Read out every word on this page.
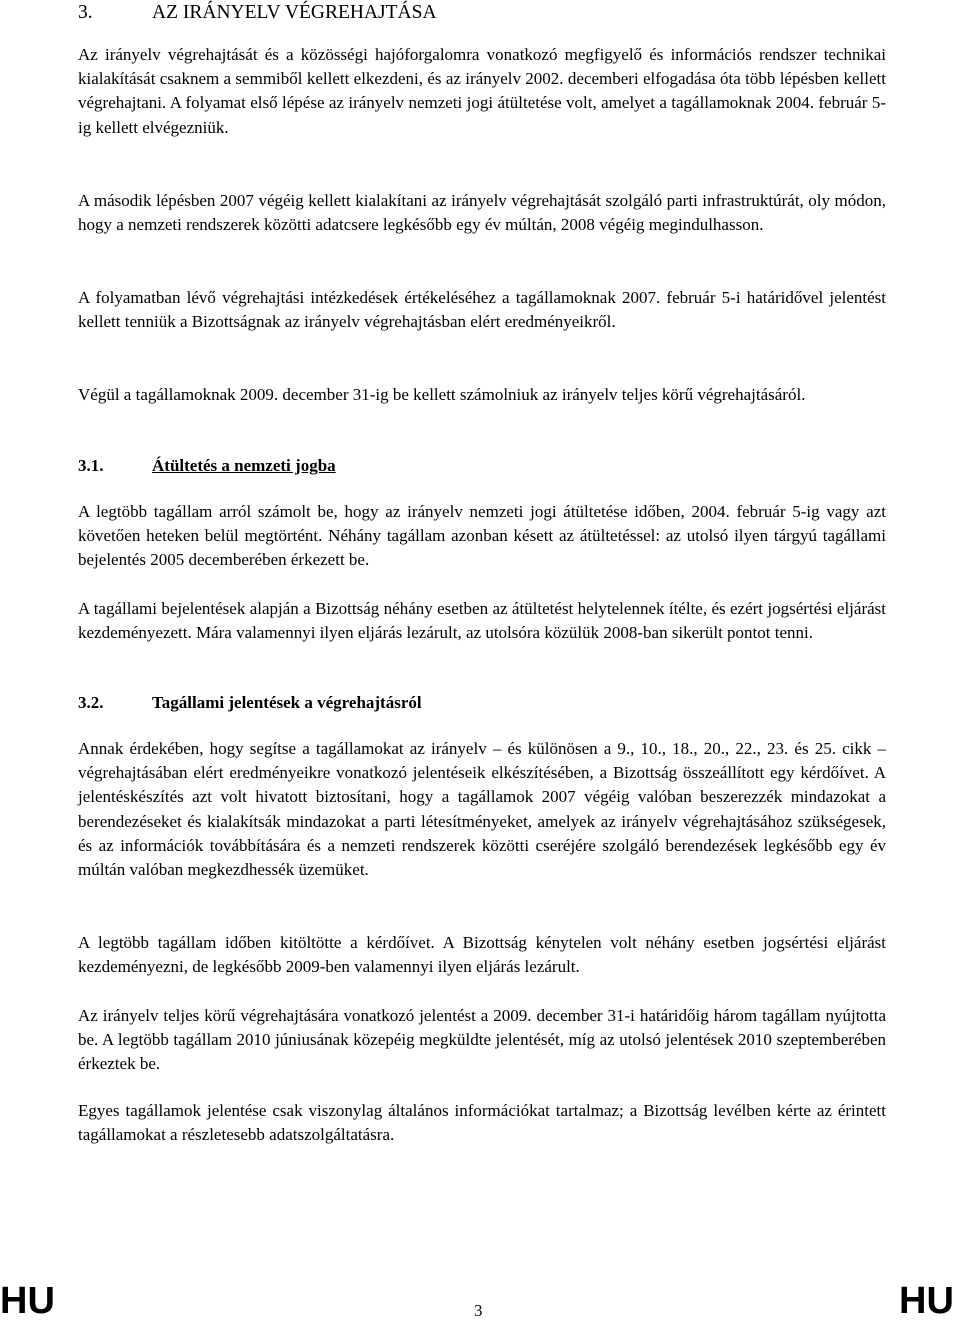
3.	AZ IRÁNYELV VÉGREHAJTÁSA

Az irányelv végrehajtását és a közösségi hajóforgalomra vonatkozó megfigyelő és információs rendszer technikai kialakítását csaknem a semmiből kellett elkezdeni, és az irányelv 2002. decemberi elfogadása óta több lépésben kellett végrehajtani. A folyamat első lépése az irányelv nemzeti jogi átültetése volt, amelyet a tagállamoknak 2004. február 5-ig kellett elvégezniük.

A második lépésben 2007 végéig kellett kialakítani az irányelv végrehajtását szolgáló parti infrastruktúrát, oly módon, hogy a nemzeti rendszerek közötti adatcsere legkésőbb egy év múltán, 2008 végéig megindulhasson.

A folyamatban lévő végrehajtási intézkedések értékeléséhez a tagállamoknak 2007. február 5-i határidővel jelentést kellett tenniük a Bizottságnak az irányelv végrehajtásban elért eredményeikről.

Végül a tagállamoknak 2009. december 31-ig be kellett számolniuk az irányelv teljes körű végrehajtásáról.

3.1.	Átültetés a nemzeti jogba

A legtöbb tagállam arról számolt be, hogy az irányelv nemzeti jogi átültetése időben, 2004. február 5-ig vagy azt követően heteken belül megtörtént. Néhány tagállam azonban késett az átültetéssel: az utolsó ilyen tárgyú tagállami bejelentés 2005 decemberében érkezett be.

A tagállami bejelentések alapján a Bizottság néhány esetben az átültetést helytelennek ítélte, és ezért jogsértési eljárást kezdeményezett. Mára valamennyi ilyen eljárás lezárult, az utolsóra közülük 2008-ban sikerült pontot tenni.

3.2.	Tagállami jelentések a végrehajtásról

Annak érdekében, hogy segítse a tagállamokat az irányelv – és különösen a 9., 10., 18., 20., 22., 23. és 25. cikk – végrehajtásában elért eredményeikre vonatkozó jelentéseik elkészítésében, a Bizottság összeállított egy kérdőívet. A jelentéskészítés azt volt hivatott biztosítani, hogy a tagállamok 2007 végéig valóban beszerezzék mindazokat a berendezéseket és kialakítsák mindazokat a parti létesítményeket, amelyek az irányelv végrehajtásához szükségesek, és az információk továbbítására és a nemzeti rendszerek közötti cseréjére szolgáló berendezések legkésőbb egy év múltán valóban megkezdhessék üzemüket.

A legtöbb tagállam időben kitöltötte a kérdőívet. A Bizottság kénytelen volt néhány esetben jogsértési eljárást kezdeményezni, de legkésőbb 2009-ben valamennyi ilyen eljárás lezárult.

Az irányelv teljes körű végrehajtására vonatkozó jelentést a 2009. december 31-i határidőig három tagállam nyújtotta be. A legtöbb tagállam 2010 júniusának közepéig megküldte jelentését, míg az utolsó jelentések 2010 szeptemberében érkeztek be.

Egyes tagállamok jelentése csak viszonylag általános információkat tartalmaz; a Bizottság levélben kérte az érintett tagállamokat a részletesebb adatszolgáltatásra.

HU	3	HU
